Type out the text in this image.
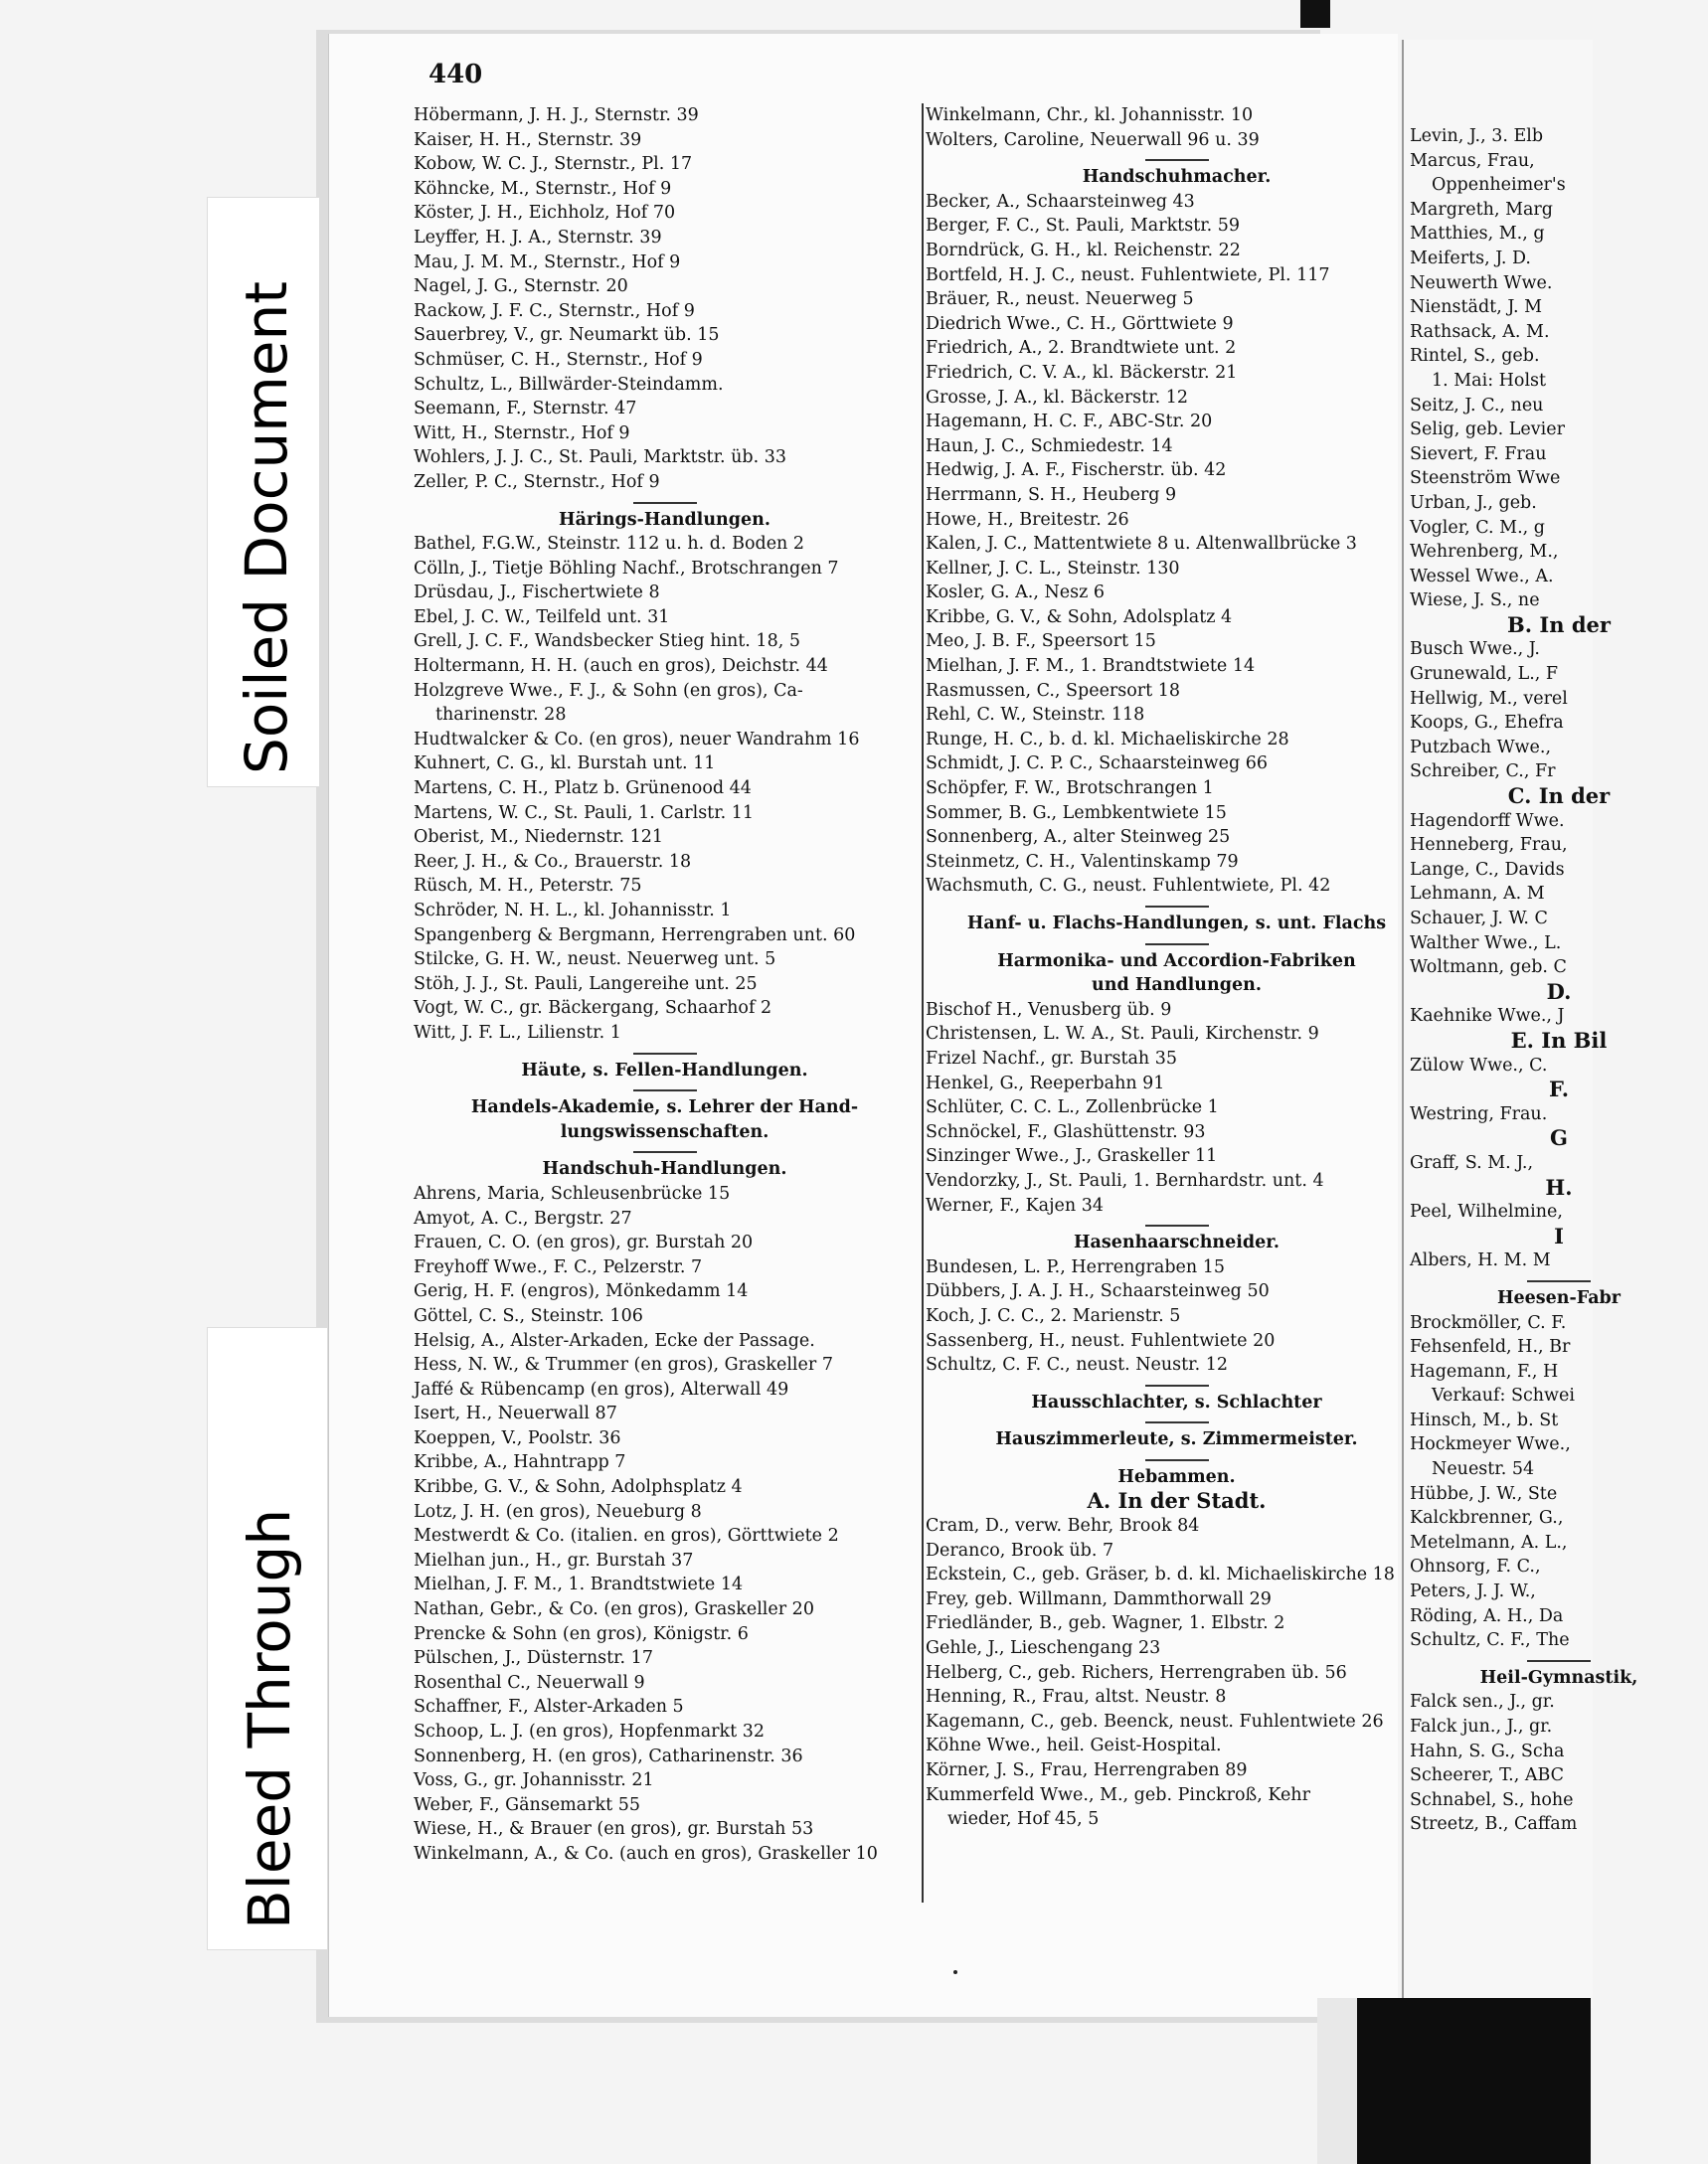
440
Höbermann, J. H. J., Sternstr. 39
Kaiser, H. H., Sternstr. 39
Kobow, W. C. J., Sternstr., Pl. 17
Köhncke, M., Sternstr., Hof 9
Köster, J. H., Eichholz, Hof 70
Leyffer, H. J. A., Sternstr. 39
Mau, J. M. M., Sternstr., Hof 9
Nagel, J. G., Sternstr. 20
Rackow, J. F. C., Sternstr., Hof 9
Sauerbrey, V., gr. Neumarkt üb. 15
Schmüser, C. H., Sternstr., Hof 9
Schultz, L., Billwärder-Steindamm.
Seemann, F., Sternstr. 47
Witt, H., Sternstr., Hof 9
Wohlers, J. J. C., St. Pauli, Marktstr. üb. 33
Zeller, P. C., Sternstr., Hof 9
Härings-Handlungen.
Bathel, F.G.W., Steinstr. 112 u. h. d. Boden 2
Cölln, J., Tietje Böhling Nachf., Brotschrangen 7
Drüsdau, J., Fischertwiete 8
Ebel, J. C. W., Teilfeld unt. 31
Grell, J. C. F., Wandsbecker Stieg hint. 18, 5
Holtermann, H. H. (auch en gros), Deichstr. 44
Holzgreve Wwe., F. J., & Sohn (en gros), Ca-
tharinenstr. 28
Hudtwalcker & Co. (en gros), neuer Wandrahm 16
Kuhnert, C. G., kl. Burstah unt. 11
Martens, C. H., Platz b. Grünenood 44
Martens, W. C., St. Pauli, 1. Carlstr. 11
Oberist, M., Niedernstr. 121
Reer, J. H., & Co., Brauerstr. 18
Rüsch, M. H., Peterstr. 75
Schröder, N. H. L., kl. Johannisstr. 1
Spangenberg & Bergmann, Herrengraben unt. 60
Stilcke, G. H. W., neust. Neuerweg unt. 5
Stöh, J. J., St. Pauli, Langereihe unt. 25
Vogt, W. C., gr. Bäckergang, Schaarhof 2
Witt, J. F. L., Lilienstr. 1
Häute, s. Fellen-Handlungen.
Handels-Akademie, s. Lehrer der Hand-
lungswissenschaften.
Handschuh-Handlungen.
Ahrens, Maria, Schleusenbrücke 15
Amyot, A. C., Bergstr. 27
Frauen, C. O. (en gros), gr. Burstah 20
Freyhoff Wwe., F. C., Pelzerstr. 7
Gerig, H. F. (engros), Mönkedamm 14
Göttel, C. S., Steinstr. 106
Helsig, A., Alster-Arkaden, Ecke der Passage.
Hess, N. W., & Trummer (en gros), Graskeller 7
Jaffé & Rübencamp (en gros), Alterwall 49
Isert, H., Neuerwall 87
Koeppen, V., Poolstr. 36
Kribbe, A., Hahntrapp 7
Kribbe, G. V., & Sohn, Adolphsplatz 4
Lotz, J. H. (en gros), Neueburg 8
Mestwerdt & Co. (italien. en gros), Görttwiete 2
Mielhan jun., H., gr. Burstah 37
Mielhan, J. F. M., 1. Brandtstwiete 14
Nathan, Gebr., & Co. (en gros), Graskeller 20
Prencke & Sohn (en gros), Königstr. 6
Pülschen, J., Düsternstr. 17
Rosenthal C., Neuerwall 9
Schaffner, F., Alster-Arkaden 5
Schoop, L. J. (en gros), Hopfenmarkt 32
Sonnenberg, H. (en gros), Catharinenstr. 36
Voss, G., gr. Johannisstr. 21
Weber, F., Gänsemarkt 55
Wiese, H., & Brauer (en gros), gr. Burstah 53
Winkelmann, A., & Co. (auch en gros), Graskeller 10
Winkelmann, Chr., kl. Johannisstr. 10
Wolters, Caroline, Neuerwall 96 u. 39
Handschuhmacher.
Becker, A., Schaarsteinweg 43
Berger, F. C., St. Pauli, Marktstr. 59
Borndrück, G. H., kl. Reichenstr. 22
Bortfeld, H. J. C., neust. Fuhlentwiete, Pl. 117
Bräuer, R., neust. Neuerweg 5
Diedrich Wwe., C. H., Görttwiete 9
Friedrich, A., 2. Brandtwiete unt. 2
Friedrich, C. V. A., kl. Bäckerstr. 21
Grosse, J. A., kl. Bäckerstr. 12
Hagemann, H. C. F., ABC-Str. 20
Haun, J. C., Schmiedestr. 14
Hedwig, J. A. F., Fischerstr. üb. 42
Herrmann, S. H., Heuberg 9
Howe, H., Breitestr. 26
Kalen, J. C., Mattentwiete 8 u. Altenwallbrücke 3
Kellner, J. C. L., Steinstr. 130
Kosler, G. A., Nesz 6
Kribbe, G. V., & Sohn, Adolsplatz 4
Meo, J. B. F., Speersort 15
Mielhan, J. F. M., 1. Brandtstwiete 14
Rasmussen, C., Speersort 18
Rehl, C. W., Steinstr. 118
Runge, H. C., b. d. kl. Michaeliskirche 28
Schmidt, J. C. P. C., Schaarsteinweg 66
Schöpfer, F. W., Brotschrangen 1
Sommer, B. G., Lembkentwiete 15
Sonnenberg, A., alter Steinweg 25
Steinmetz, C. H., Valentinskamp 79
Wachsmuth, C. G., neust. Fuhlentwiete, Pl. 42
Hanf- u. Flachs-Handlungen, s. unt. Flachs
Harmonika- und Accordion-Fabriken
und Handlungen.
Bischof H., Venusberg üb. 9
Christensen, L. W. A., St. Pauli, Kirchenstr. 9
Frizel Nachf., gr. Burstah 35
Henkel, G., Reeperbahn 91
Schlüter, C. C. L., Zollenbrücke 1
Schnöckel, F., Glashüttenstr. 93
Sinzinger Wwe., J., Graskeller 11
Vendorzky, J., St. Pauli, 1. Bernhardstr. unt. 4
Werner, F., Kajen 34
Hasenhaarschneider.
Bundesen, L. P., Herrengraben 15
Dübbers, J. A. J. H., Schaarsteinweg 50
Koch, J. C. C., 2. Marienstr. 5
Sassenberg, H., neust. Fuhlentwiete 20
Schultz, C. F. C., neust. Neustr. 12
Hausschlachter, s. Schlachter
Hauszimmerleute, s. Zimmermeister.
Hebammen.
A. In der Stadt.
Cram, D., verw. Behr, Brook 84
Deranco, Brook üb. 7
Eckstein, C., geb. Gräser, b. d. kl. Michaeliskirche 18
Frey, geb. Willmann, Dammthorwall 29
Friedländer, B., geb. Wagner, 1. Elbstr. 2
Gehle, J., Lieschengang 23
Helberg, C., geb. Richers, Herrengraben üb. 56
Henning, R., Frau, altst. Neustr. 8
Kagemann, C., geb. Beenck, neust. Fuhlentwiete 26
Köhne Wwe., heil. Geist-Hospital.
Körner, J. S., Frau, Herrengraben 89
Kummerfeld Wwe., M., geb. Pinckroß, Kehr
wieder, Hof 45, 5
Levin, J., 3. Elb
Marcus, Frau,
Oppenheimer's
Margreth, Marg
Matthies, M., g
Meiferts, J. D.
Neuwerth Wwe.
Nienstädt, J. M
Rathsack, A. M.
Rintel, S., geb.
1. Mai: Holst
Seitz, J. C., neu
Selig, geb. Levier
Sievert, F. Frau
Steenström Wwe
Urban, J., geb.
Vogler, C. M., g
Wehrenberg, M.,
Wessel Wwe., A.
Wiese, J. S., ne
B. In der
Busch Wwe., J.
Grunewald, L., F
Hellwig, M., verel
Koops, G., Ehefra
Putzbach Wwe.,
Schreiber, C., Fr
C. In der
Hagendorff Wwe.
Henneberg, Frau,
Lange, C., Davids
Lehmann, A. M
Schauer, J. W. C
Walther Wwe., L.
Woltmann, geb. C
D.
Kaehnike Wwe., J
E. In Bil
Zülow Wwe., C.
F.
Westring, Frau.
G
Graff, S. M. J.,
H.
Peel, Wilhelmine,
I
Albers, H. M. M
Heesen-Fabr
Brockmöller, C. F.
Fehsenfeld, H., Br
Hagemann, F., H
Verkauf: Schwei
Hinsch, M., b. St
Hockmeyer Wwe.,
Neuestr. 54
Hübbe, J. W., Ste
Kalckbrenner, G.,
Metelmann, A. L.,
Ohnsorg, F. C.,
Peters, J. J. W.,
Röding, A. H., Da
Schultz, C. F., The
Heil-Gymnastik,
Falck sen., J., gr.
Falck jun., J., gr.
Hahn, S. G., Scha
Scheerer, T., ABC
Schnabel, S., hohe
Streetz, B., Caffam
Soiled Document
Bleed Through
